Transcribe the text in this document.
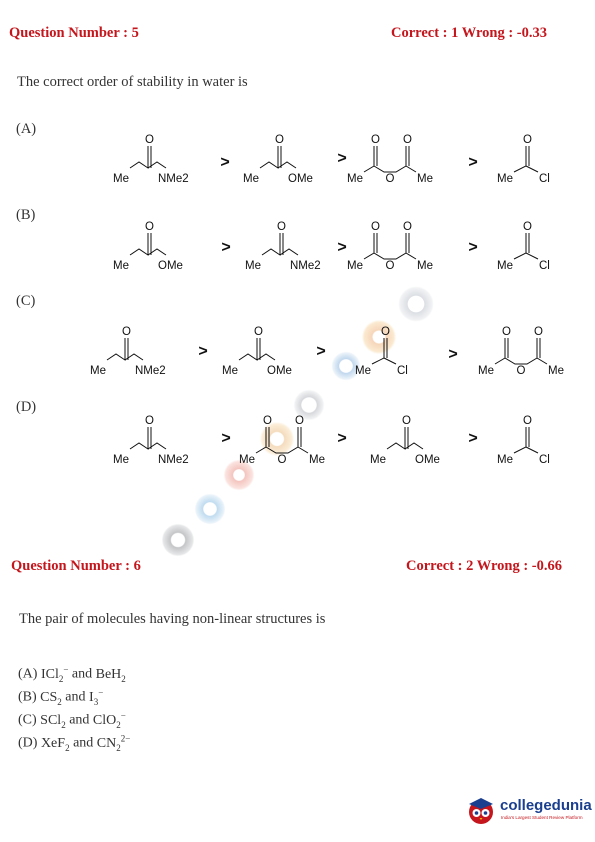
Question Number : 5	Correct : 1 Wrong : -0.33
The correct order of stability in water is
(A)
O
Me	NMe2
>
O
Me	OMe
>
O O
O
Me	Me
>
O
Me Cl
(B)
O
Me	OMe
>
O
Me	NMe2
>
O O
O
Me	Me
>
O
Me Cl
(C)
O
Me	NMe2
>
O
Me	OMe
>
O
Me Cl
>
O O
O
Me	Me
(D)
O
Me	NMe2
>
O O
O
Me	Me
>
O
Me	OMe
>
O
Me Cl
Question Number : 6	Correct : 2 Wrong : -0.66
The pair of molecules having non-linear structures is
(A) ICl$_2$− and BeH$_2$
(B) $CS_2$ and $I_3^-$
(C) SCl$_2$ and ClO$_2$−
(D) XeF$_2$ and $CN_2^{2-}$
collegedunia
India's Largest Student Review Platform
